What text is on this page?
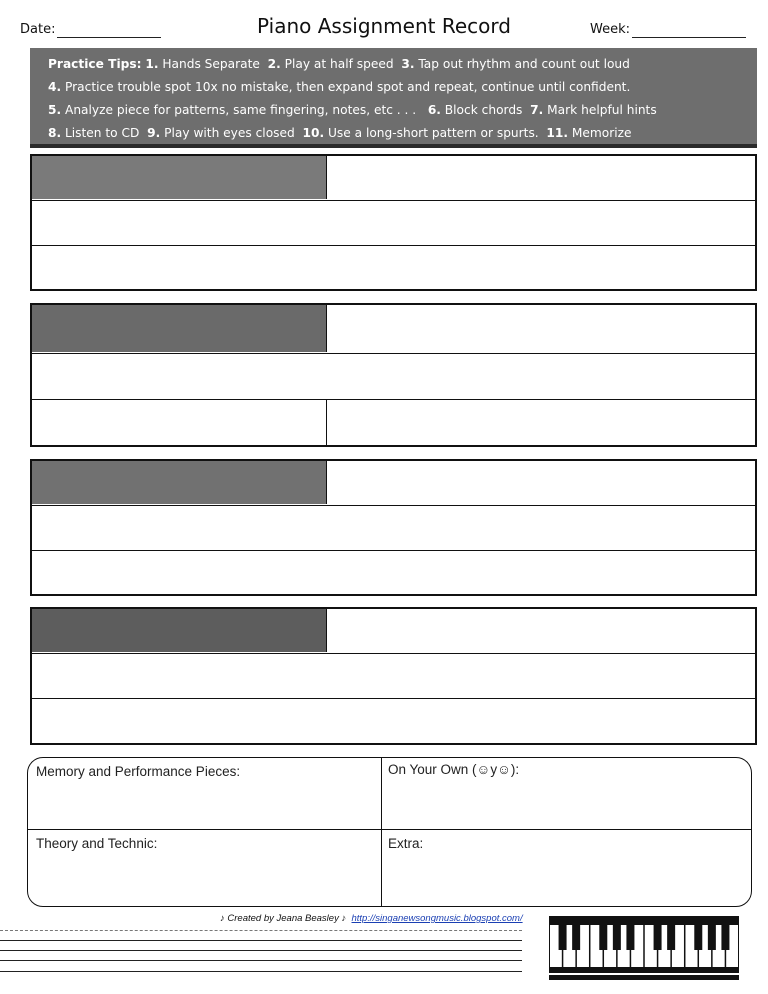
Date:	Piano Assignment Record	Week:
Practice Tips: 1. Hands Separate 2. Play at half speed 3. Tap out rhythm and count out loud
4. Practice trouble spot 10x no mistake, then expand spot and repeat, continue until confident.
5. Analyze piece for patterns, same fingering, notes, etc . . . 6. Block chords 7. Mark helpful hints
8. Listen to CD 9. Play with eyes closed 10. Use a long-short pattern or spurts. 11. Memorize
Memory and Performance Pieces:	On Your Own (☺y☺):
Theory and Technic:	Extra:
♪ Created by Jeana Beasley ♪ http://singanewsongmusic.blogspot.com/
